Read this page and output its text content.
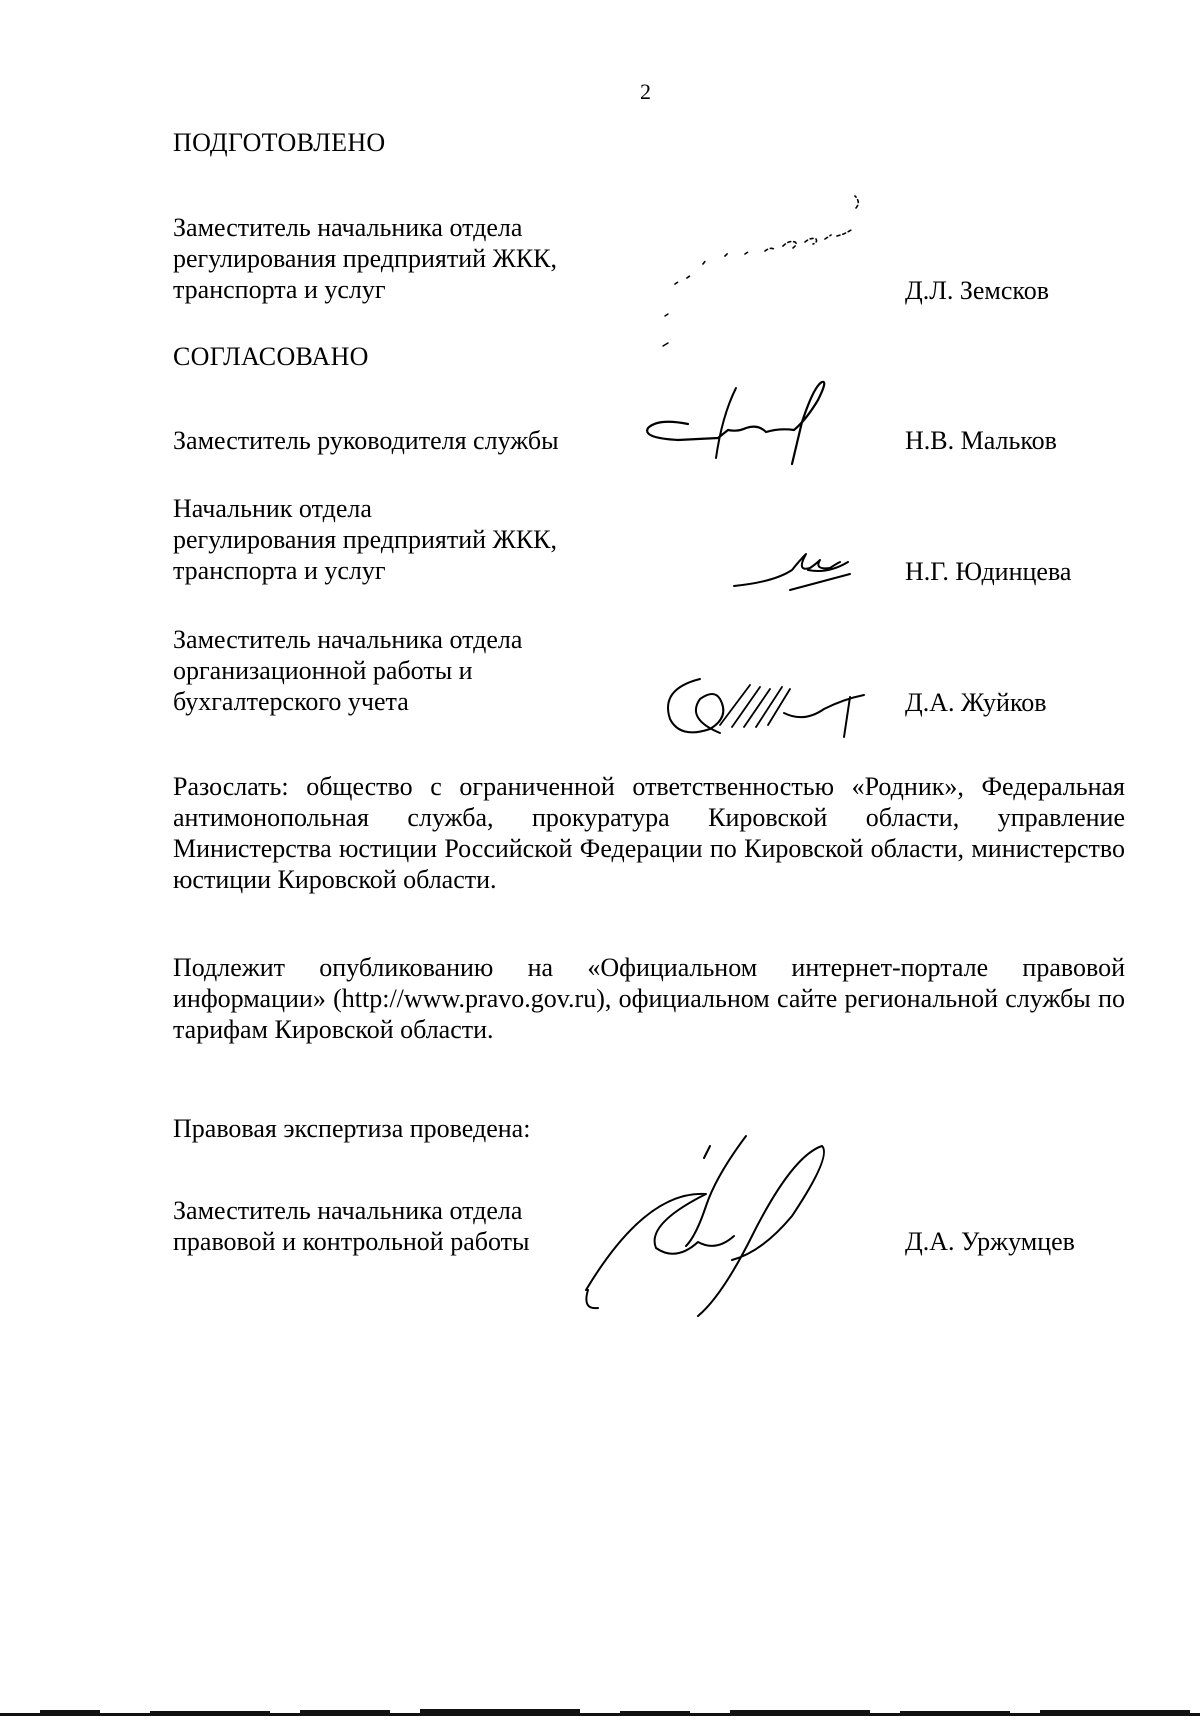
2
ПОДГОТОВЛЕНО
Заместитель начальника отдела
регулирования предприятий ЖКК,
транспорта и услуг	Д.Л. Земсков
СОГЛАСОВАНО
Заместитель руководителя службы	Н.В. Мальков
Начальник отдела
регулирования предприятий ЖКК,
транспорта и услуг	Н.Г. Юдинцева
Заместитель начальника отдела
организационной работы и
бухгалтерского учета	Д.А. Жуйков
Разослать: общество с ограниченной ответственностью «Родник», Федеральная антимонопольная служба, прокуратура Кировской области, управление Министерства юстиции Российской Федерации по Кировской области, министерство юстиции Кировской области.
Подлежит опубликованию на «Официальном интернет-портале правовой информации» (http://www.pravo.gov.ru), официальном сайте региональной службы по тарифам Кировской области.
Правовая экспертиза проведена:
Заместитель начальника отдела
правовой и контрольной работы	Д.А. Уржумцев
